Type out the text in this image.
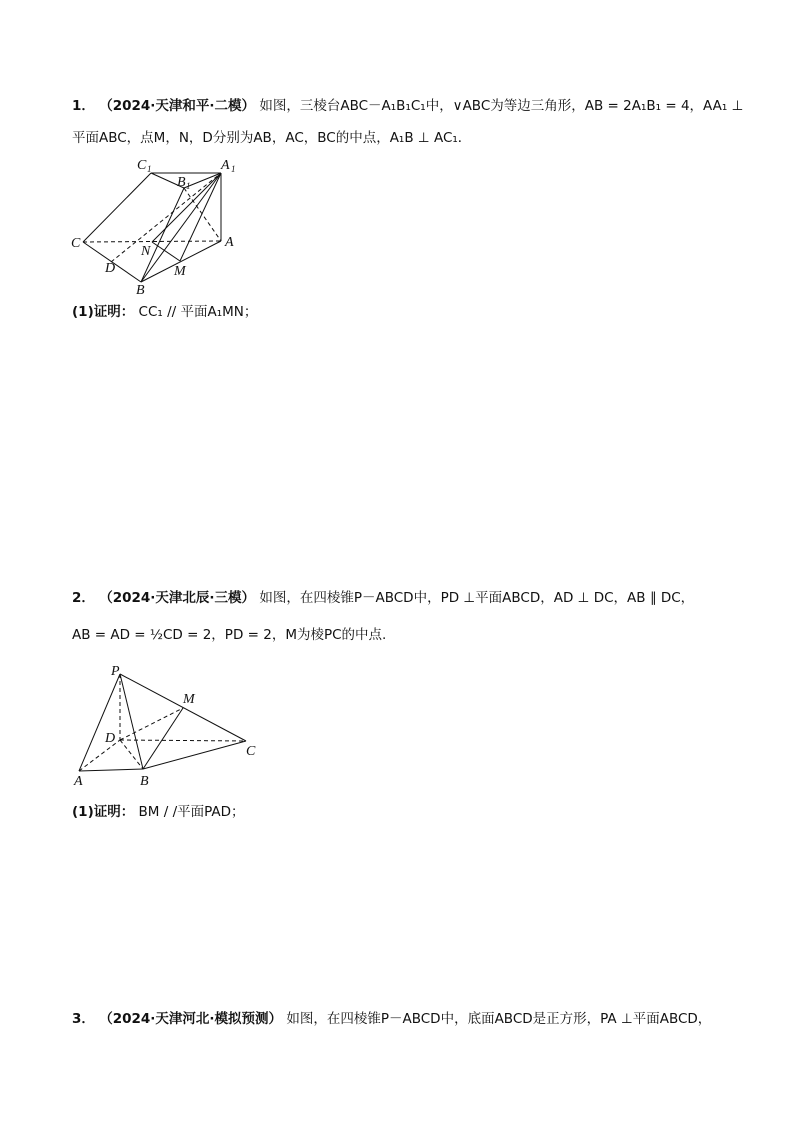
1． （2024·天津和平·二模） 如图，三棱台ABC－A₁B₁C₁中，∨ABC为等边三角形，AB = 2A₁B₁ = 4，AA₁ ⊥
平面ABC，点M，N，D分别为AB，AC，BC的中点，A₁B ⊥ AC₁．
C 1	A 1
B 1
C	A
N
D	M
B
(1)证明： CC₁ // 平面A₁MN；
2． （2024·天津北辰·三模） 如图，在四棱锥P－ABCD中，PD ⊥平面ABCD，AD ⊥ DC，AB ∥ DC，
AB = AD = ½CD = 2，PD = 2，M为棱PC的中点.
P
M
D
C
A	B
(1)证明： BM / /平面PAD；
3． （2024·天津河北·模拟预测） 如图，在四棱锥P－ABCD中，底面ABCD是正方形，PA ⊥平面ABCD，
